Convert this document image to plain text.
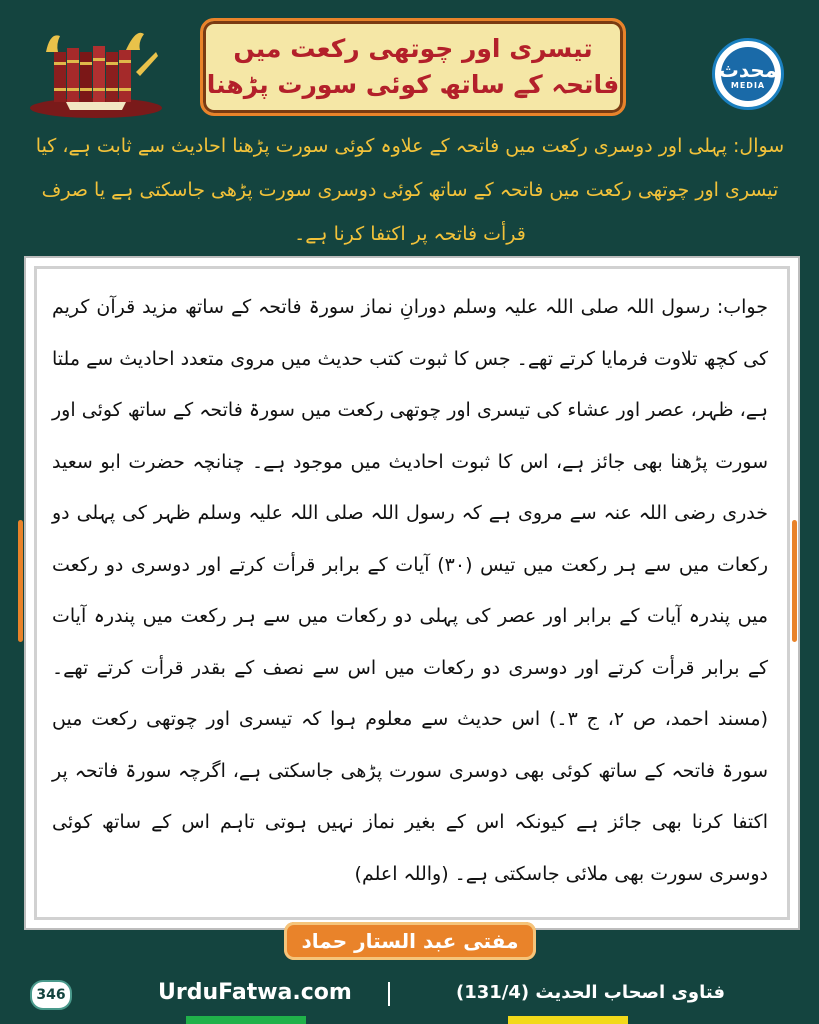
تیسری اور چوتھی رکعت میں
فاتحہ کے ساتھ کوئی سورت پڑھنا
محدث
MEDIA
سوال: پہلی اور دوسری رکعت میں فاتحہ کے علاوہ کوئی سورت پڑھنا احادیث سے ثابت ہے، کیا تیسری اور چوتھی رکعت میں فاتحہ کے ساتھ کوئی دوسری سورت پڑھی جاسکتی ہے یا صرف قرأت فاتحہ پر اکتفا کرنا ہے۔
جواب: رسول اللہ صلی اللہ علیہ وسلم دورانِ نماز سورۃ فاتحہ کے ساتھ مزید قرآن کریم کی کچھ تلاوت فرمایا کرتے تھے۔ جس کا ثبوت کتب حدیث میں مروی متعدد احادیث سے ملتا ہے، ظہر، عصر اور عشاء کی تیسری اور چوتھی رکعت میں سورۃ فاتحہ کے ساتھ کوئی اور سورت پڑھنا بھی جائز ہے، اس کا ثبوت احادیث میں موجود ہے۔ چنانچہ حضرت ابو سعید خدری رضی اللہ عنہ سے مروی ہے کہ رسول اللہ صلی اللہ علیہ وسلم ظہر کی پہلی دو رکعات میں سے ہر رکعت میں تیس (۳۰) آیات کے برابر قرأت کرتے اور دوسری دو رکعت میں پندرہ آیات کے برابر اور عصر کی پہلی دو رکعات میں سے ہر رکعت میں پندرہ آیات کے برابر قرأت کرتے اور دوسری دو رکعات میں اس سے نصف کے بقدر قرأت کرتے تھے۔ (مسند احمد، ص ۲، ج ۳۔) اس حدیث سے معلوم ہوا کہ تیسری اور چوتھی رکعت میں سورۃ فاتحہ کے ساتھ کوئی بھی دوسری سورت پڑھی جاسکتی ہے، اگرچہ سورۃ فاتحہ پر اکتفا کرنا بھی جائز ہے کیونکہ اس کے بغیر نماز نہیں ہوتی تاہم اس کے ساتھ کوئی دوسری سورت بھی ملائی جاسکتی ہے۔ (واللہ اعلم)
مفتی عبد الستار حماد
346	UrduFatwa.com	فتاوی اصحاب الحدیث (131/4)
